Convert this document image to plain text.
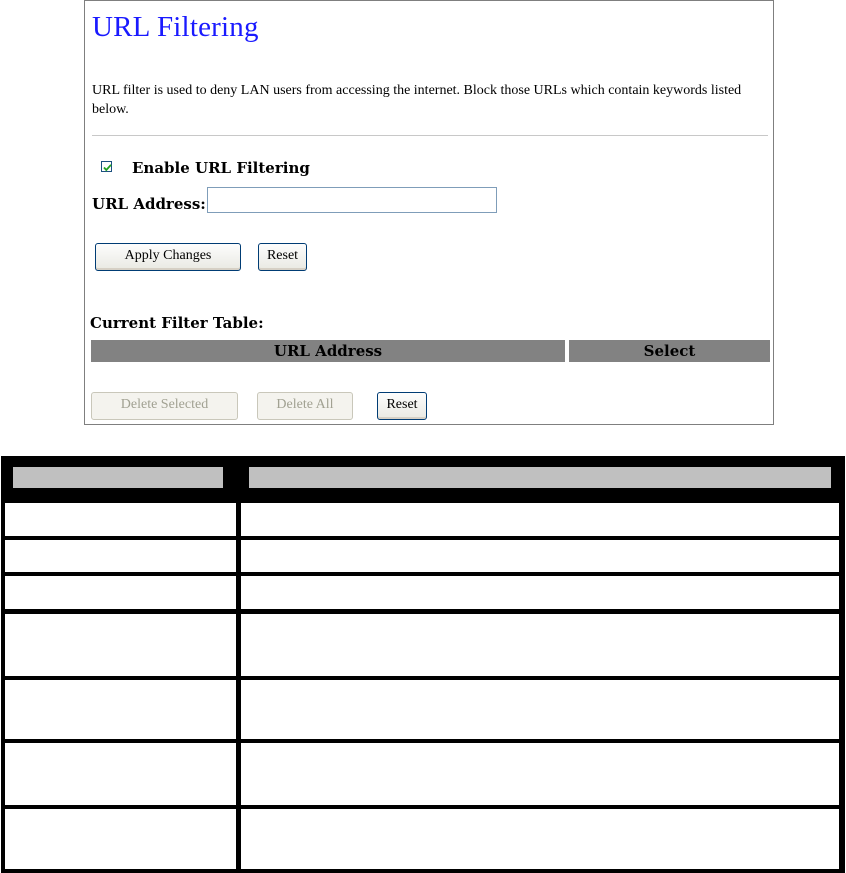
URL Filtering
URL filter is used to deny LAN users from accessing the internet. Block those URLs which contain keywords listed below.
Enable URL Filtering
URL Address:
Apply Changes	Reset
Current Filter Table:
URL Address	Select
Delete Selected	Delete All	Reset
